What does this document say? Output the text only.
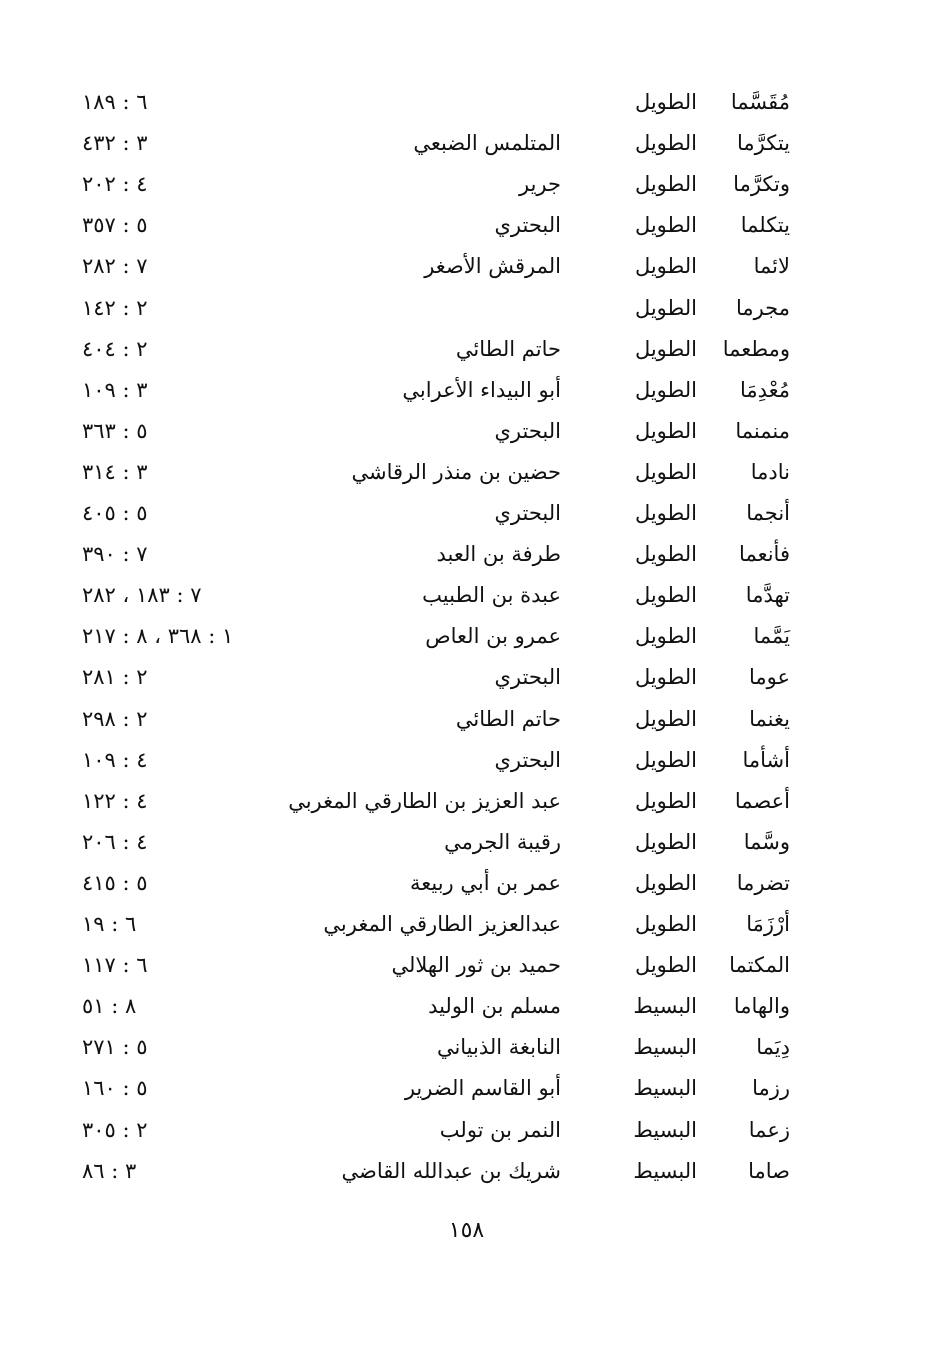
مُقَسَّما
الطويل
٦ : ١٨٩
يتكرَّما
الطويل
المتلمس الضبعي
٣ : ٤٣٢
وتكرَّما
الطويل
جرير
٤ : ٢٠٢
يتكلما
الطويل
البحتري
٥ : ٣٥٧
لائما
الطويل
المرقش الأصغر
٧ : ٢٨٢
مجرما
الطويل
٢ : ١٤٢
ومطعما
الطويل
حاتم الطائي
٢ : ٤٠٤
مُعْدِمَا
الطويل
أبو البيداء الأعرابي
٣ : ١٠٩
منمنما
الطويل
البحتري
٥ : ٣٦٣
نادما
الطويل
حضين بن منذر الرقاشي
٣ : ٣١٤
أنجما
الطويل
البحتري
٥ : ٤٠٥
فأنعما
الطويل
طرفة بن العبد
٧ : ٣٩٠
تهدَّما
الطويل
عبدة بن الطبيب
٧ : ١٨٣ ، ٢٨٢
يَمَّما
الطويل
عمرو بن العاص
١ : ٣٦٨ ، ٨ : ٢١٧
عوما
الطويل
البحتري
٢ : ٢٨١
يغنما
الطويل
حاتم الطائي
٢ : ٢٩٨
أشأما
الطويل
البحتري
٤ : ١٠٩
أعصما
الطويل
عبد العزيز بن الطارقي المغربي
٤ : ١٢٢
وسَّما
الطويل
رقيبة الجرمي
٤ : ٢٠٦
تضرما
الطويل
عمر بن أبي ربيعة
٥ : ٤١٥
أرْزَمَا
الطويل
عبدالعزيز الطارقي المغربي
٦ : ١٩
المكتما
الطويل
حميد بن ثور الهلالي
٦ : ١١٧
والهاما
البسيط
مسلم بن الوليد
٨ : ٥١
دِيَما
البسيط
النابغة الذبياني
٥ : ٢٧١
رزما
البسيط
أبو القاسم الضرير
٥ : ١٦٠
زعما
البسيط
النمر بن تولب
٢ : ٣٠٥
صاما
البسيط
شريك بن عبدالله القاضي
٣ : ٨٦
١٥٨
